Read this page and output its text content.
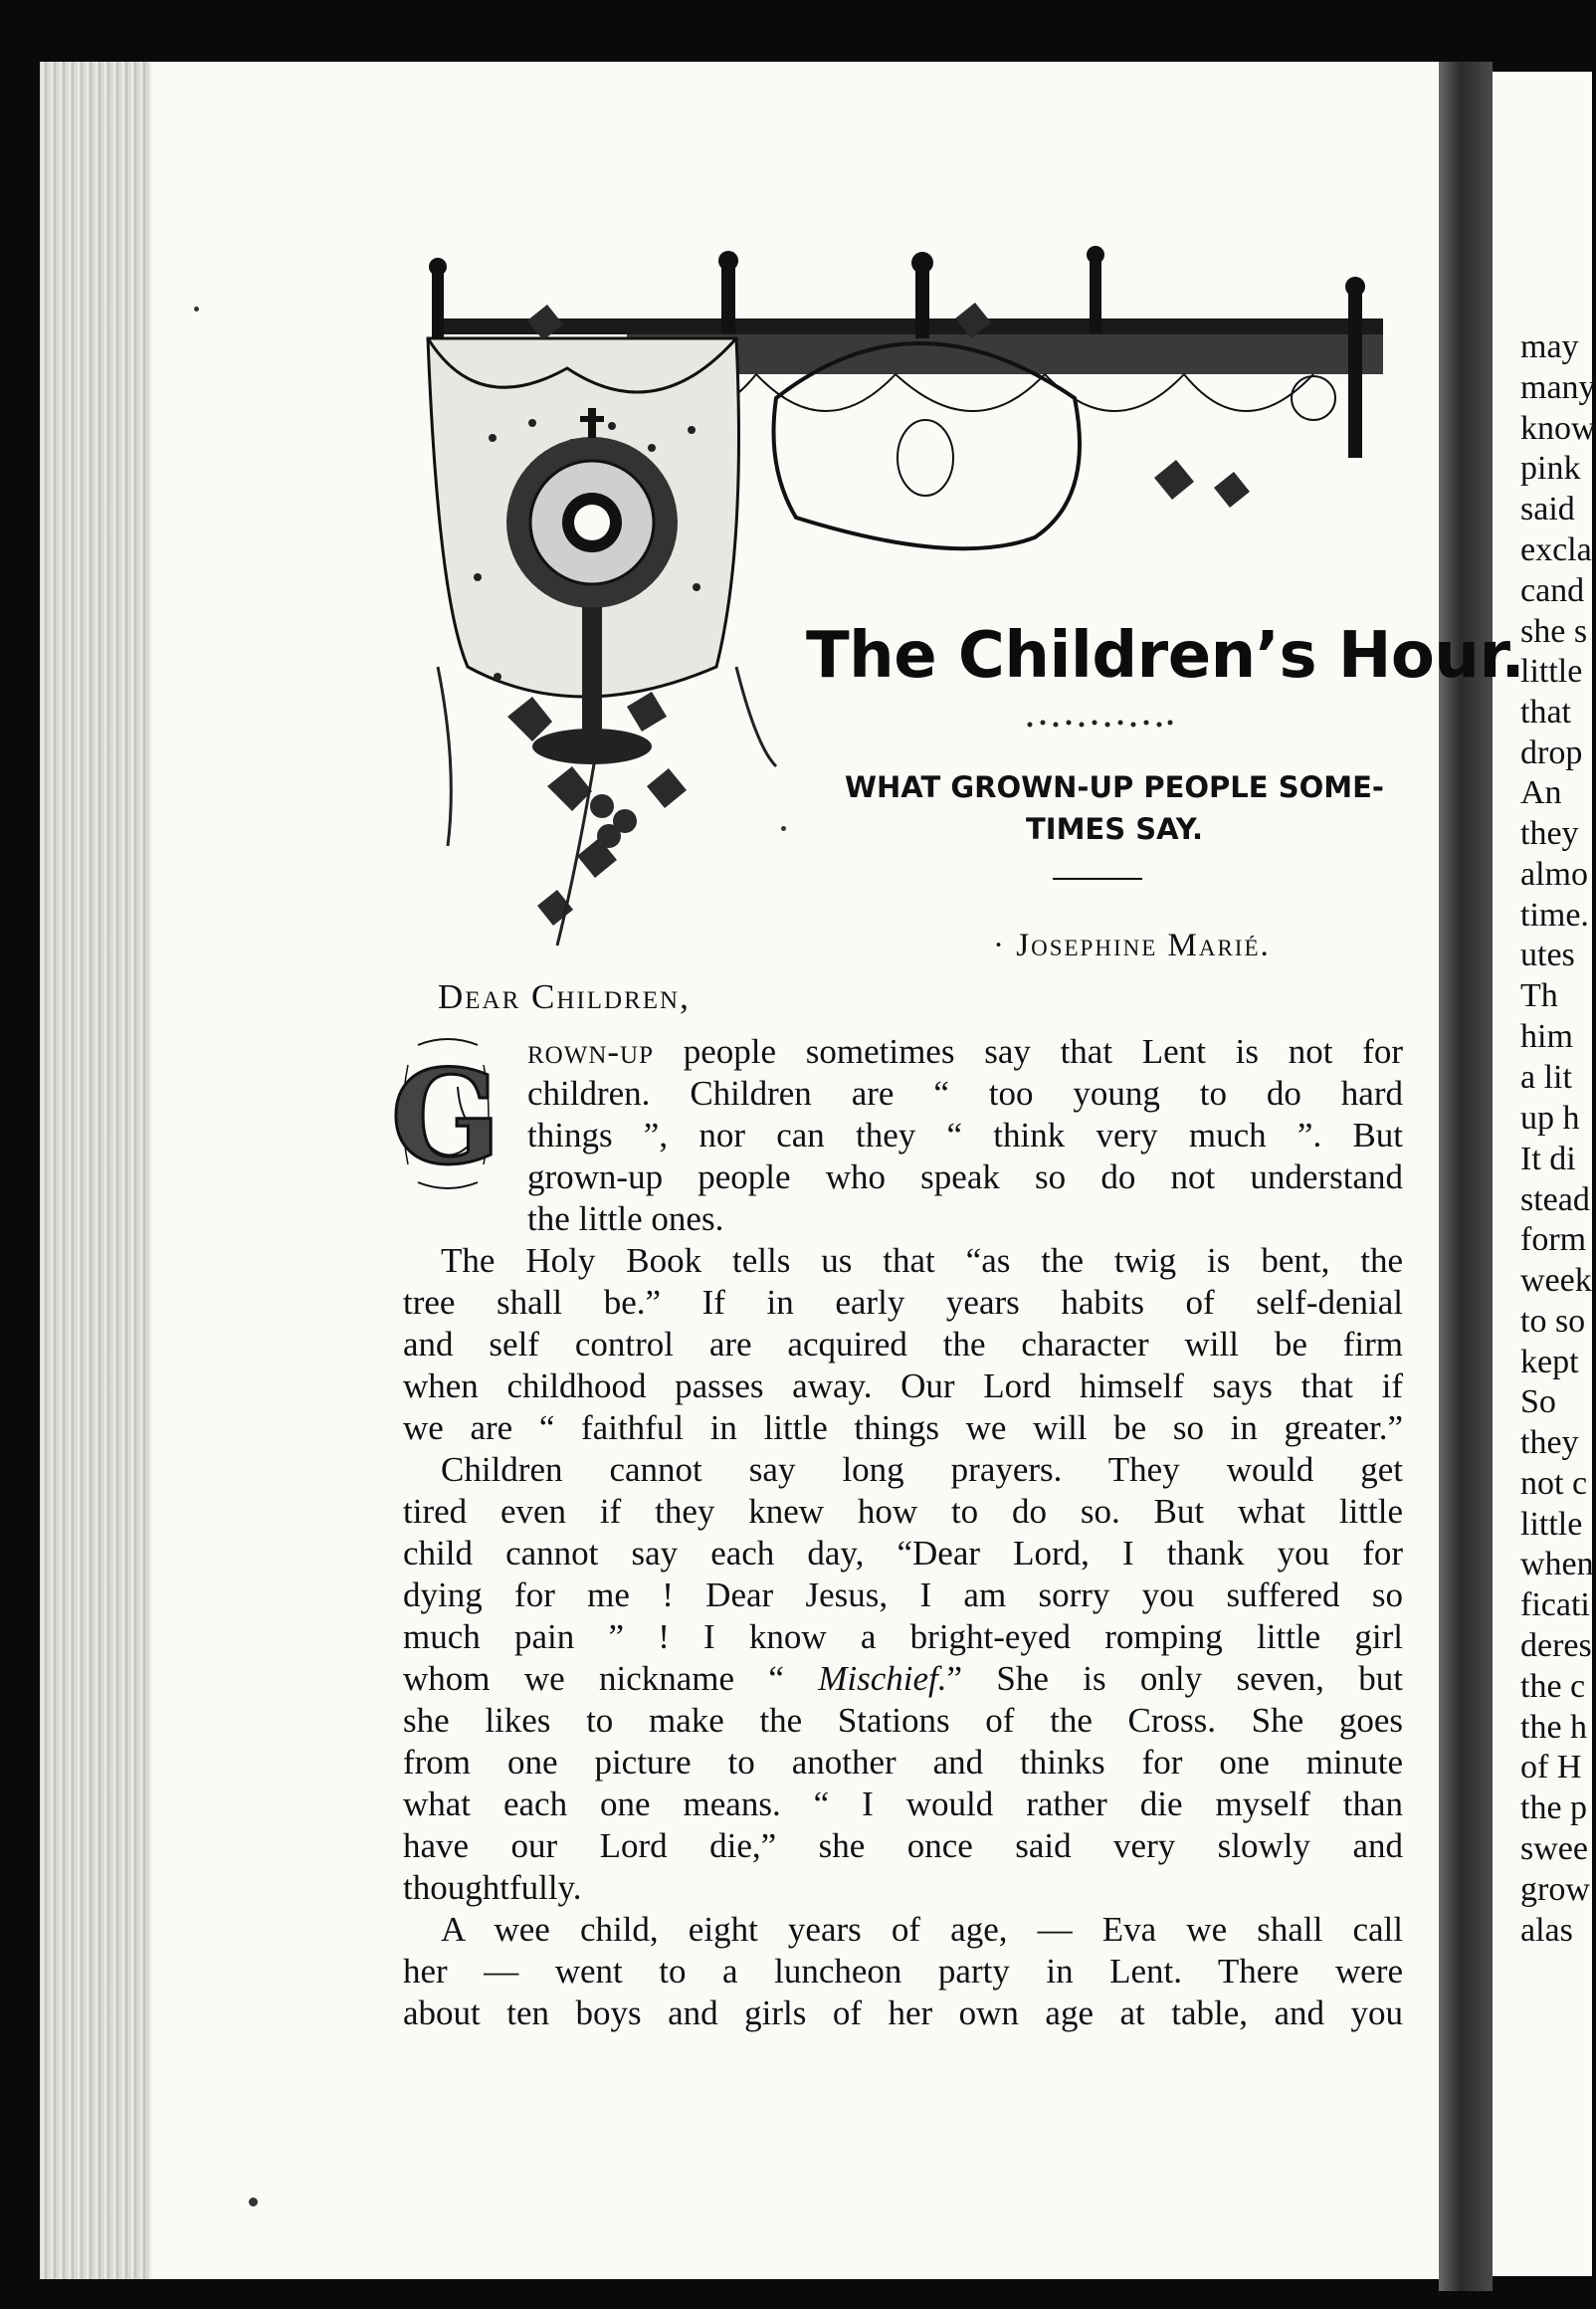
may
many
know
pink
said
excla
cand
she s
little
that
drop
An
they
almo
time.
utes
Th
him
a lit
up h
It di
stead
form
week
to so
kept
So
they
not c
little
when
ficati
deres
the c
the h
of H
the p
swee
grow
alas
The Children’s Hour.
WHAT GROWN-UP PEOPLE SOME-
TIMES SAY.
· Josephine Marié.
Dear Children,
G rown-up people sometimes say that Lent is not for
children. Children are “ too young to do hard
things ”, nor can they “ think very much ”. But
grown-up people who speak so do not understand
the little ones.
The Holy Book tells us that “as the twig is bent, the
tree shall be.” If in early years habits of self-denial
and self control are acquired the character will be firm
when childhood passes away. Our Lord himself says that if
we are “ faithful in little things we will be so in greater.”
Children cannot say long prayers. They would get
tired even if they knew how to do so. But what little
child cannot say each day, “Dear Lord, I thank you for
dying for me ! Dear Jesus, I am sorry you suffered so
much pain ” ! I know a bright-eyed romping little girl
whom we nickname “ Mischief.” She is only seven, but
she likes to make the Stations of the Cross. She goes
from one picture to another and thinks for one minute
what each one means. “ I would rather die myself than
have our Lord die,” she once said very slowly and
thoughtfully.
A wee child, eight years of age, — Eva we shall call
her — went to a luncheon party in Lent. There were
about ten boys and girls of her own age at table, and you
